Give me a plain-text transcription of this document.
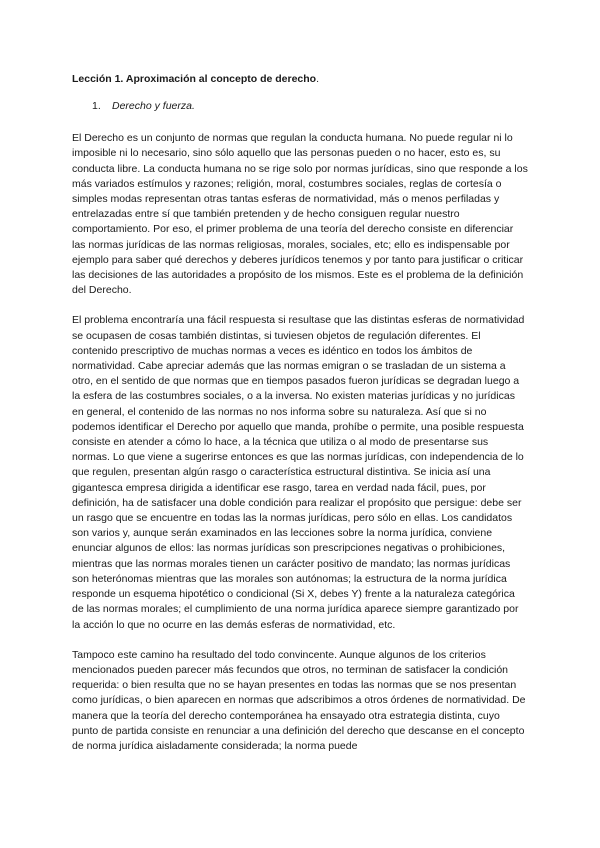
Lección 1. Aproximación al concepto de derecho.
1. Derecho y fuerza.

El Derecho es un conjunto de normas que regulan la conducta humana. No puede regular ni lo imposible ni lo necesario, sino sólo aquello que las personas pueden o no hacer, esto es, su conducta libre. La conducta humana no se rige solo por normas jurídicas, sino que responde a los más variados estímulos y razones; religión, moral, costumbres sociales, reglas de cortesía o simples modas representan otras tantas esferas de normatividad, más o menos perfiladas y entrelazadas entre sí que también pretenden y de hecho consiguen regular nuestro comportamiento. Por eso, el primer problema de una teoría del derecho consiste en diferenciar las normas jurídicas de las normas religiosas, morales, sociales, etc; ello es indispensable por ejemplo para saber qué derechos y deberes jurídicos tenemos y por tanto para justificar o criticar las decisiones de las autoridades a propósito de los mismos. Este es el problema de la definición del Derecho.

El problema encontraría una fácil respuesta si resultase que las distintas esferas de normatividad se ocupasen de cosas también distintas, si tuviesen objetos de regulación diferentes. El contenido prescriptivo de muchas normas a veces es idéntico en todos los ámbitos de normatividad. Cabe apreciar además que las normas emigran o se trasladan de un sistema a otro, en el sentido de que normas que en tiempos pasados fueron jurídicas se degradan luego a la esfera de las costumbres sociales, o a la inversa. No existen materias jurídicas y no jurídicas en general, el contenido de las normas no nos informa sobre su naturaleza. Así que si no podemos identificar el Derecho por aquello que manda, prohíbe o permite, una posible respuesta consiste en atender a cómo lo hace, a la técnica que utiliza o al modo de presentarse sus normas. Lo que viene a sugerirse entonces es que las normas jurídicas, con independencia de lo que regulen, presentan algún rasgo o característica estructural distintiva. Se inicia así una gigantesca empresa dirigida a identificar ese rasgo, tarea en verdad nada fácil, pues, por definición, ha de satisfacer una doble condición para realizar el propósito que persigue: debe ser un rasgo que se encuentre en todas las la normas jurídicas, pero sólo en ellas. Los candidatos son varios y, aunque serán examinados en las lecciones sobre la norma jurídica, conviene enunciar algunos de ellos: las normas jurídicas son prescripciones negativas o prohibiciones, mientras que las normas morales tienen un carácter positivo de mandato; las normas jurídicas son heterónomas mientras que las morales son autónomas; la estructura de la norma jurídica responde un esquema hipotético o condicional (Si X, debes Y) frente a la naturaleza categórica de las normas morales; el cumplimiento de una norma jurídica aparece siempre garantizado por la acción lo que no ocurre en las demás esferas de normatividad, etc.

Tampoco este camino ha resultado del todo convincente. Aunque algunos de los criterios mencionados pueden parecer más fecundos que otros, no terminan de satisfacer la condición requerida: o bien resulta que no se hayan presentes en todas las normas que se nos presentan como jurídicas, o bien aparecen en normas que adscribimos a otros órdenes de normatividad. De manera que la teoría del derecho contemporánea ha ensayado otra estrategia distinta, cuyo punto de partida consiste en renunciar a una definición del derecho que descanse en el concepto de norma jurídica aisladamente considerada; la norma puede
